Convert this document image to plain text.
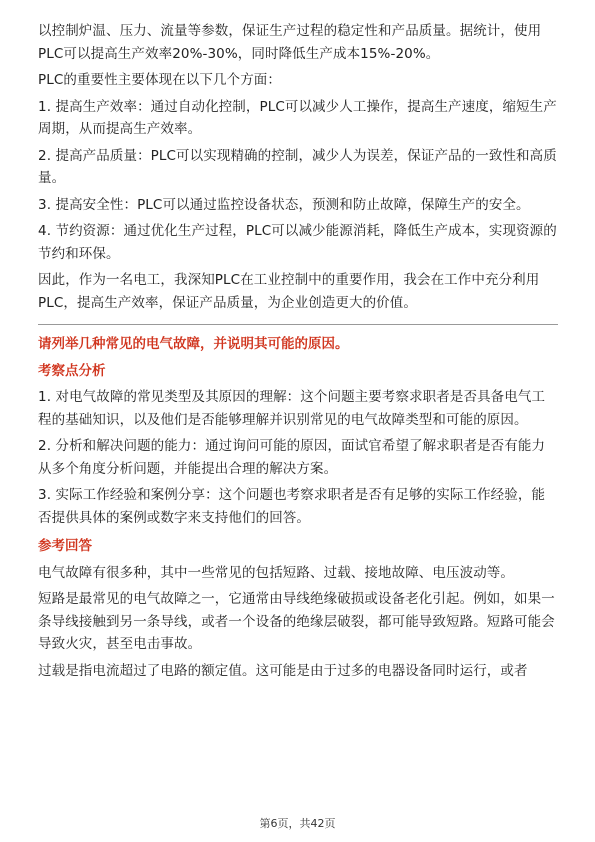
以控制炉温、压力、流量等参数，保证生产过程的稳定性和产品质量。据统计，使用PLC可以提高生产效率20%-30%，同时降低生产成本15%-20%。

PLC的重要性主要体现在以下几个方面：

1. 提高生产效率：通过自动化控制，PLC可以减少人工操作，提高生产速度，缩短生产周期，从而提高生产效率。

2. 提高产品质量：PLC可以实现精确的控制，减少人为误差，保证产品的一致性和高质量。

3. 提高安全性：PLC可以通过监控设备状态，预测和防止故障，保障生产的安全。

4. 节约资源：通过优化生产过程，PLC可以减少能源消耗，降低生产成本，实现资源的节约和环保。

因此，作为一名电工，我深知PLC在工业控制中的重要作用，我会在工作中充分利用PLC，提高生产效率，保证产品质量，为企业创造更大的价值。

请列举几种常见的电气故障，并说明其可能的原因。

考察点分析

1. 对电气故障的常见类型及其原因的理解：这个问题主要考察求职者是否具备电气工程的基础知识，以及他们是否能够理解并识别常见的电气故障类型和可能的原因。

2. 分析和解决问题的能力：通过询问可能的原因，面试官希望了解求职者是否有能力从多个角度分析问题，并能提出合理的解决方案。

3. 实际工作经验和案例分享：这个问题也考察求职者是否有足够的实际工作经验，能否提供具体的案例或数字来支持他们的回答。

参考回答

电气故障有很多种，其中一些常见的包括短路、过载、接地故障、电压波动等。

短路是最常见的电气故障之一，它通常由导线绝缘破损或设备老化引起。例如，如果一条导线接触到另一条导线，或者一个设备的绝缘层破裂，都可能导致短路。短路可能会导致火灾，甚至电击事故。

过载是指电流超过了电路的额定值。这可能是由于过多的电器设备同时运行，或者

第6页，共42页
